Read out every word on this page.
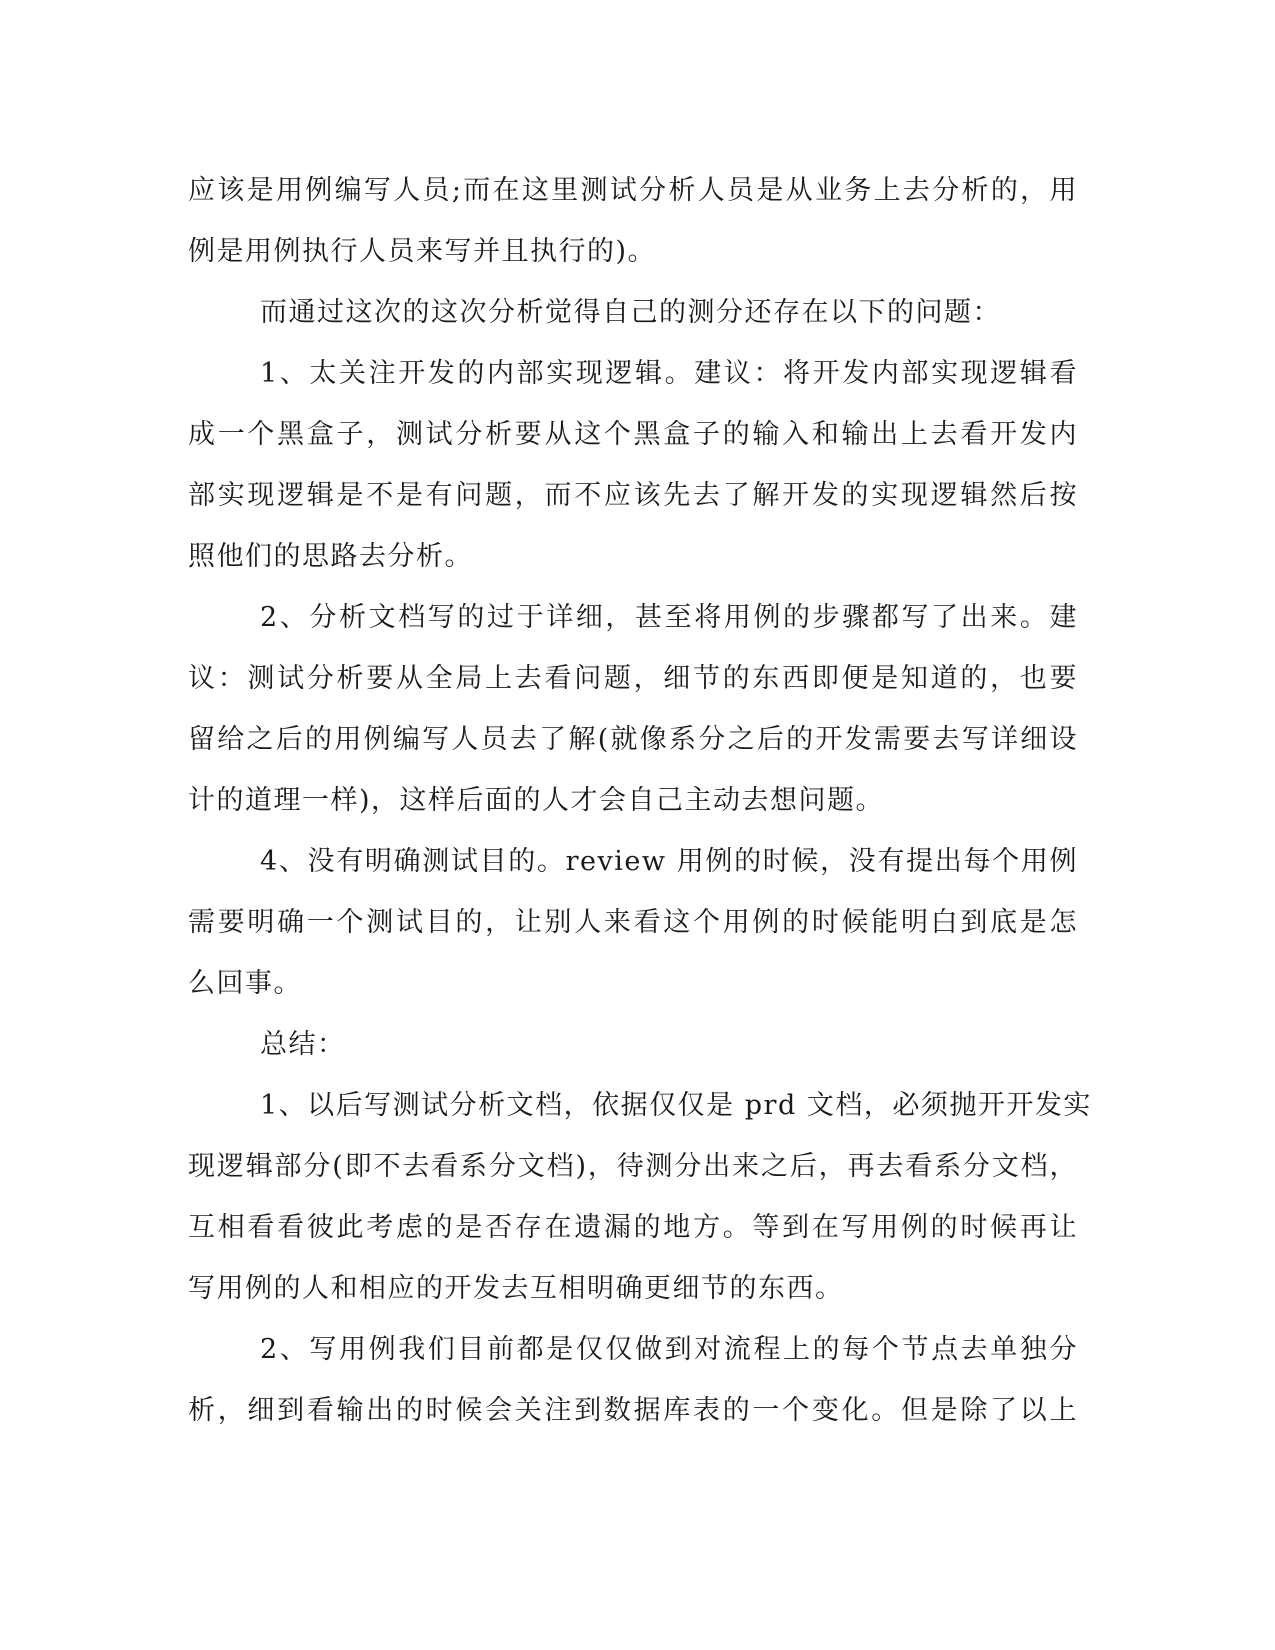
应该是用例编写人员;而在这里测试分析人员是从业务上去分析的，用
例是用例执行人员来写并且执行的)。
而通过这次的这次分析觉得自己的测分还存在以下的问题：
1、太关注开发的内部实现逻辑。建议：将开发内部实现逻辑看
成一个黑盒子，测试分析要从这个黑盒子的输入和输出上去看开发内
部实现逻辑是不是有问题，而不应该先去了解开发的实现逻辑然后按
照他们的思路去分析。
2、分析文档写的过于详细，甚至将用例的步骤都写了出来。建
议：测试分析要从全局上去看问题，细节的东西即便是知道的，也要
留给之后的用例编写人员去了解(就像系分之后的开发需要去写详细设
计的道理一样)，这样后面的人才会自己主动去想问题。
4、没有明确测试目的。review 用例的时候，没有提出每个用例
需要明确一个测试目的，让别人来看这个用例的时候能明白到底是怎
么回事。
总结：
1、以后写测试分析文档，依据仅仅是 prd 文档，必须抛开开发实
现逻辑部分(即不去看系分文档)，待测分出来之后，再去看系分文档，
互相看看彼此考虑的是否存在遗漏的地方。等到在写用例的时候再让
写用例的人和相应的开发去互相明确更细节的东西。
2、写用例我们目前都是仅仅做到对流程上的每个节点去单独分
析，细到看输出的时候会关注到数据库表的一个变化。但是除了以上
